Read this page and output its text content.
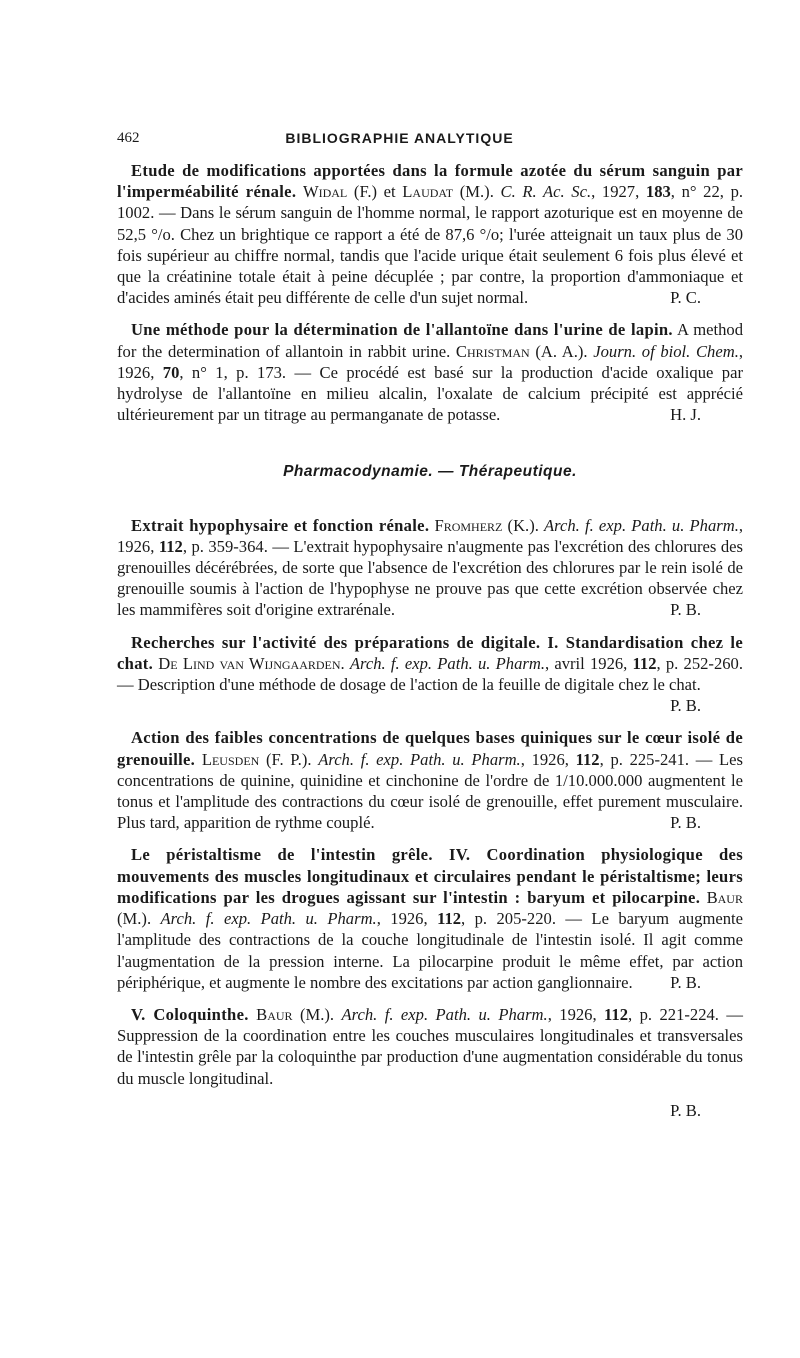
462	BIBLIOGRAPHIE ANALYTIQUE

Etude de modifications apportées dans la formule azotée du sérum sanguin par l'imperméabilité rénale. Widal (F.) et Laudat (M.). C. R. Ac. Sc., 1927, 183, n° 22, p. 1002. — Dans le sérum sanguin de l'homme normal, le rapport azoturique est en moyenne de 52,5 °/o. Chez un brightique ce rapport a été de 87,6 °/o; l'urée atteignait un taux plus de 30 fois supérieur au chiffre normal, tandis que l'acide urique était seulement 6 fois plus élevé et que la créatinine totale était à peine décuplée ; par contre, la proportion d'ammoniaque et d'acides aminés était peu différente de celle d'un sujet normal.	P. C.

Une méthode pour la détermination de l'allantoïne dans l'urine de lapin. A method for the determination of allantoin in rabbit urine. Christman (A. A.). Journ. of biol. Chem., 1926, 70, n° 1, p. 173. — Ce procédé est basé sur la production d'acide oxalique par hydrolyse de l'allantoïne en milieu alcalin, l'oxalate de calcium précipité est apprécié ultérieurement par un titrage au permanganate de potasse.	H. J.

Pharmacodynamie. — Thérapeutique.

Extrait hypophysaire et fonction rénale. Fromherz (K.). Arch. f. exp. Path. u. Pharm., 1926, 112, p. 359-364. — L'extrait hypophysaire n'augmente pas l'excrétion des chlorures des grenouilles décérébrées, de sorte que l'absence de l'excrétion des chlorures par le rein isolé de grenouille soumis à l'action de l'hypophyse ne prouve pas que cette excrétion observée chez les mammifères soit d'origine extrarénale.	P. B.

Recherches sur l'activité des préparations de digitale. I. Standardisation chez le chat. De Lind van Wijngaarden. Arch. f. exp. Path. u. Pharm., avril 1926, 112, p. 252-260. — Description d'une méthode de dosage de l'action de la feuille de digitale chez le chat.
P. B.

Action des faibles concentrations de quelques bases quiniques sur le cœur isolé de grenouille. Leusden (F. P.). Arch. f. exp. Path. u. Pharm., 1926, 112, p. 225-241. — Les concentrations de quinine, quinidine et cinchonine de l'ordre de 1/10.000.000 augmentent le tonus et l'amplitude des contractions du cœur isolé de grenouille, effet purement musculaire. Plus tard, apparition de rythme couplé.	P. B.

Le péristaltisme de l'intestin grêle. IV. Coordination physiologique des mouvements des muscles longitudinaux et circulaires pendant le péristaltisme; leurs modifications par les drogues agissant sur l'intestin : baryum et pilocarpine. Baur (M.). Arch. f. exp. Path. u. Pharm., 1926, 112, p. 205-220. — Le baryum augmente l'amplitude des contractions de la couche longitudinale de l'intestin isolé. Il agit comme l'augmentation de la pression interne. La pilocarpine produit le même effet, par action périphérique, et augmente le nombre des excitations par action ganglionnaire. P. B.

V. Coloquinthe. Baur (M.). Arch. f. exp. Path. u. Pharm., 1926, 112, p. 221-224. — Suppression de la coordination entre les couches musculaires longitudinales et transversales de l'intestin grêle par la coloquinthe par production d'une augmentation considérable du tonus du muscle longitudinal.

P. B.
